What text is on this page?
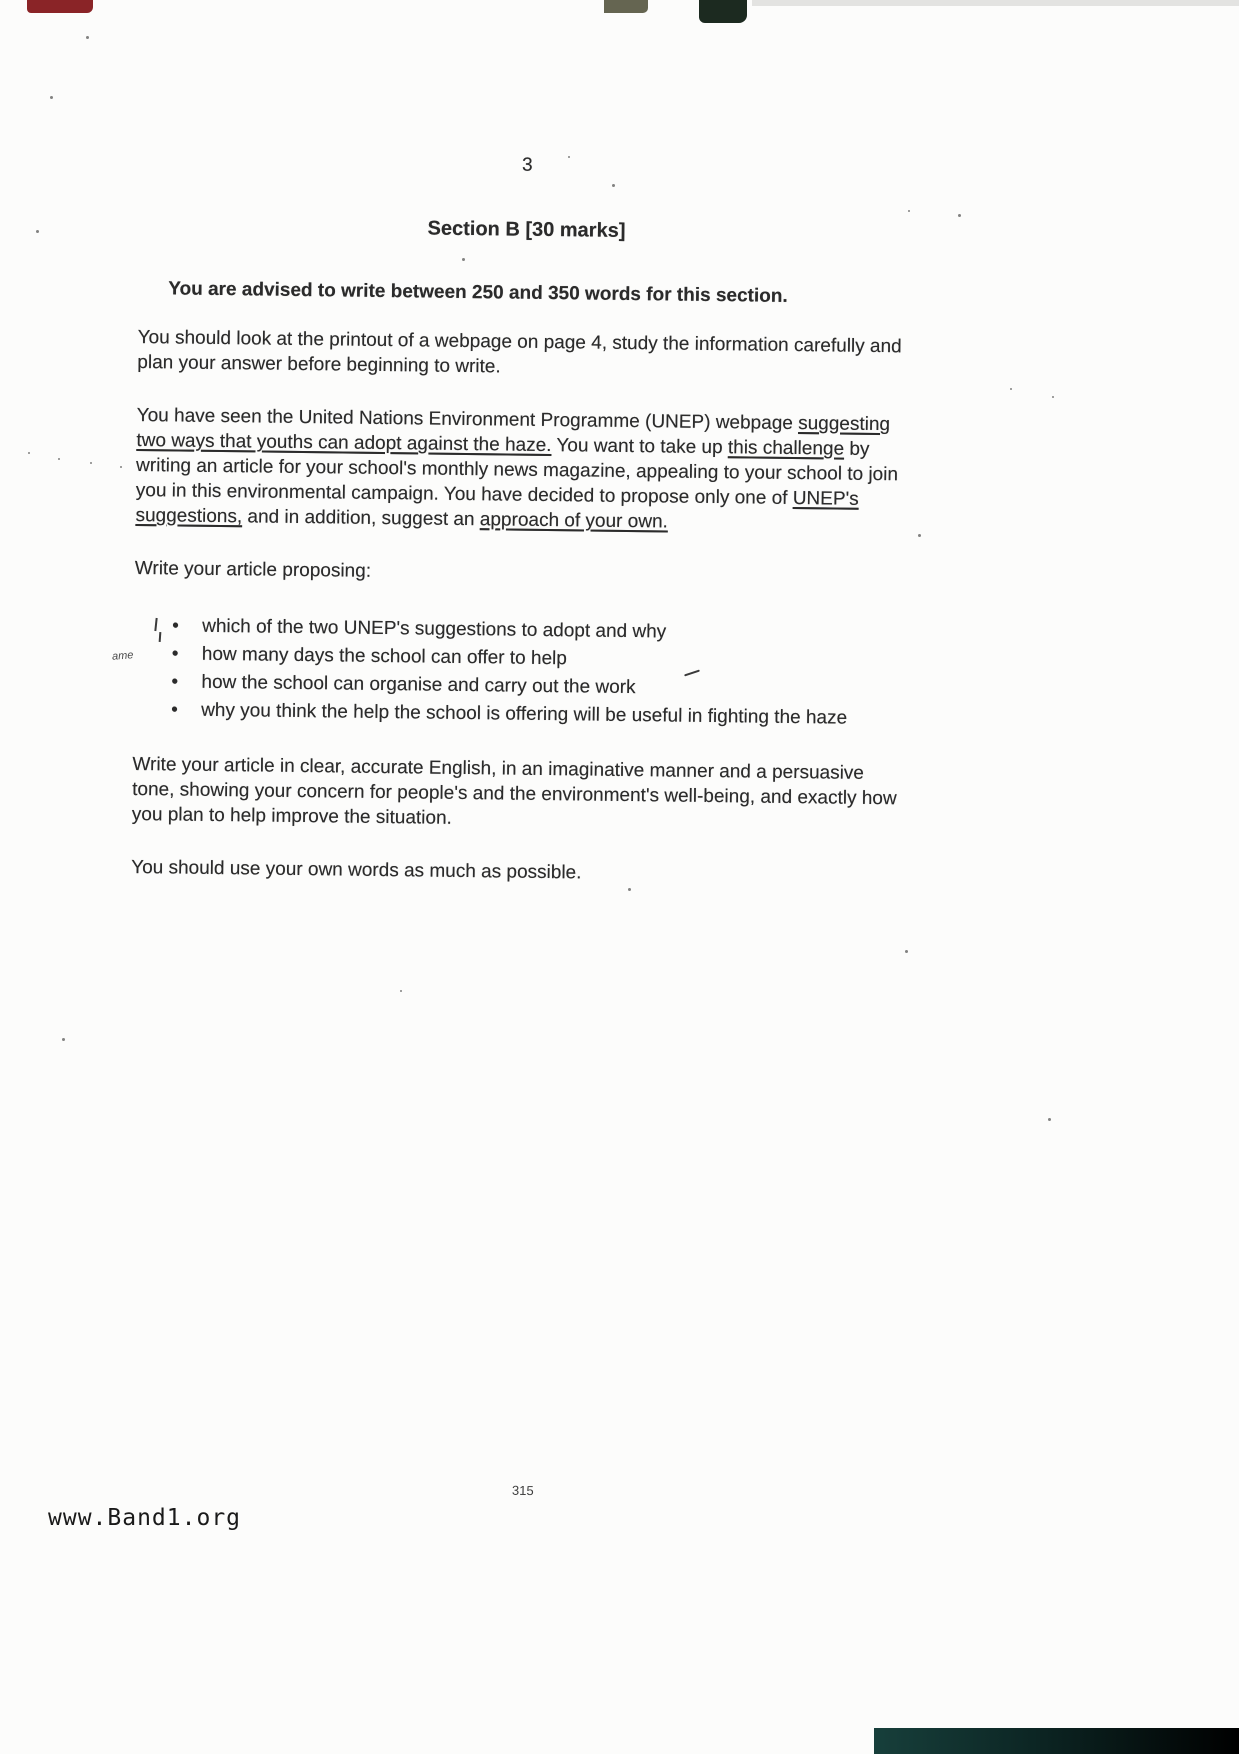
ame
3
Section B [30 marks]

You are advised to write between 250 and 350 words for this section.

You should look at the printout of a webpage on page 4, study the information carefully and plan your answer before beginning to write.

You have seen the United Nations Environment Programme (UNEP) webpage suggesting two ways that youths can adopt against the haze. You want to take up this challenge by writing an article for your school's monthly news magazine, appealing to your school to join you in this environmental campaign. You have decided to propose only one of UNEP's suggestions, and in addition, suggest an approach of your own.

Write your article proposing:

• which of the two UNEP's suggestions to adopt and why
• how many days the school can offer to help
• how the school can organise and carry out the work
• why you think the help the school is offering will be useful in fighting the haze

Write your article in clear, accurate English, in an imaginative manner and a persuasive tone, showing your concern for people's and the environment's well-being, and exactly how you plan to help improve the situation.

You should use your own words as much as possible.

315
www.Band1.org
